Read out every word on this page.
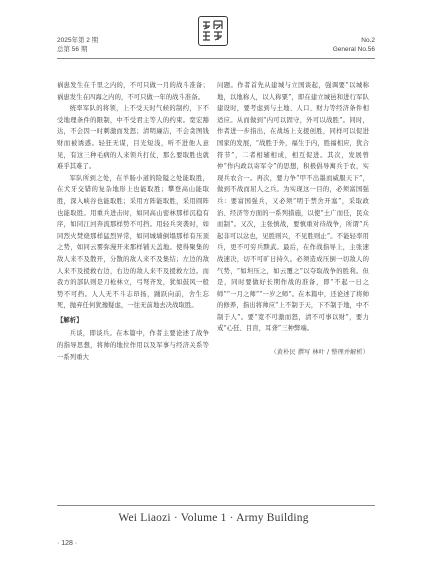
2025年第 2 期
总第 56 期
No.2
General No.56

祸患发生在千里之内的，不可只做一月的战斗准备；祸患发生在四海之内的，不可只做一年的战斗准备。

统率军队的将领，上不受天时气候的制约，下不受地理条件的限制，中不受君主等人的约束。宽宏豁达，不会因一时刺激而发怒；清明廉洁，不会贪图钱财而被诱惑。轻狂无谋，目光短浅，听不进他人意见，有这三种毛病的人来领兵打仗，那么要取胜也就难乎其难了。

军队所到之处，在羊肠小道的险隘之处能取胜，在犬牙交错的复杂地形上也能取胜；攀登高山能取胜，深入峡谷也能取胜；采用方阵能取胜，采用圆阵也能取胜。用重兵进击时，如同高山密林那样沉稳有序，如同江河奔流那样势不可挡。用轻兵突袭时，如同烈火焚烧那样猛烈异常，如同城墙倒塌那样有压顶之势，如同云雾弥漫开来那样铺天盖地。使得聚集的敌人来不及散开，分散的敌人来不及集结；左边的敌人来不及援救右边，右边的敌人来不及援救左边。而我方的部队则是刀枪林立，弓弩齐发，犹如鼓风一般势不可挡。人人无不斗志昂扬，踊跃向前，舍生忘死，抛弃任何犹豫疑虑，一往无前地去决战取胜。

【解析】

兵谈，即谈兵。在本篇中，作者主要论述了战争的指导思想，将帅的地位作用以及军事与经济关系等一系列重大

问题。作者首先从建城与立国谈起，强调要“以城称地，以地称人，以人称粟”，即在建立城邑和进行军队建设时，要考虑到与土地、人口、财力等经济条件相适应。从而做到“内可以固守，外可以战胜”。同时，作者进一步指出，在战场上支援创胜，同样可以促进国家的发展，“战胜于外，福生于内，胜福相应，犹合符节”，二者相辅相成，相互促进。其次，发展曾仲“作内政以寄军令”的思想，积极倡导寓兵于农，实现兵农合一。再次，要力争“甲不出墨而威服天下”，做到不战而屈人之兵。为实现这一目的，必须富国强兵：要富国强兵，又必须“明于禁舍开塞”，采取政治、经济等方面的一系列措施，以使“土广而任，民众而制”。又次，主张慎战，要慎重对待战争，所谓“兵起非可以忿也，见胜则兴，不见胜则止”。不能轻率用兵，更不可穷兵黩武。最后，在作战指导上，主张速战速决，切不可旷日持久。必须造成压倒一切敌人的气势，“如坦压之，如云覆之”以夺取战争的胜利。但是，同时要做好长期作战的准备，即“不起一日之师”“一月之师”“一岁之师”。在本篇中，还论述了将帅的修养，指出将帅应“上不制于天，下不制于地，中不制于人”。要“宽不可激而怒，清不可事以财”，要力戒“心狂、目盲，耳聋”三种弊端。

（黄朴民 撰写 林叶 / 整理并解析）
Wei Liaozi · Volume 1 · Army Building
· 128 ·
